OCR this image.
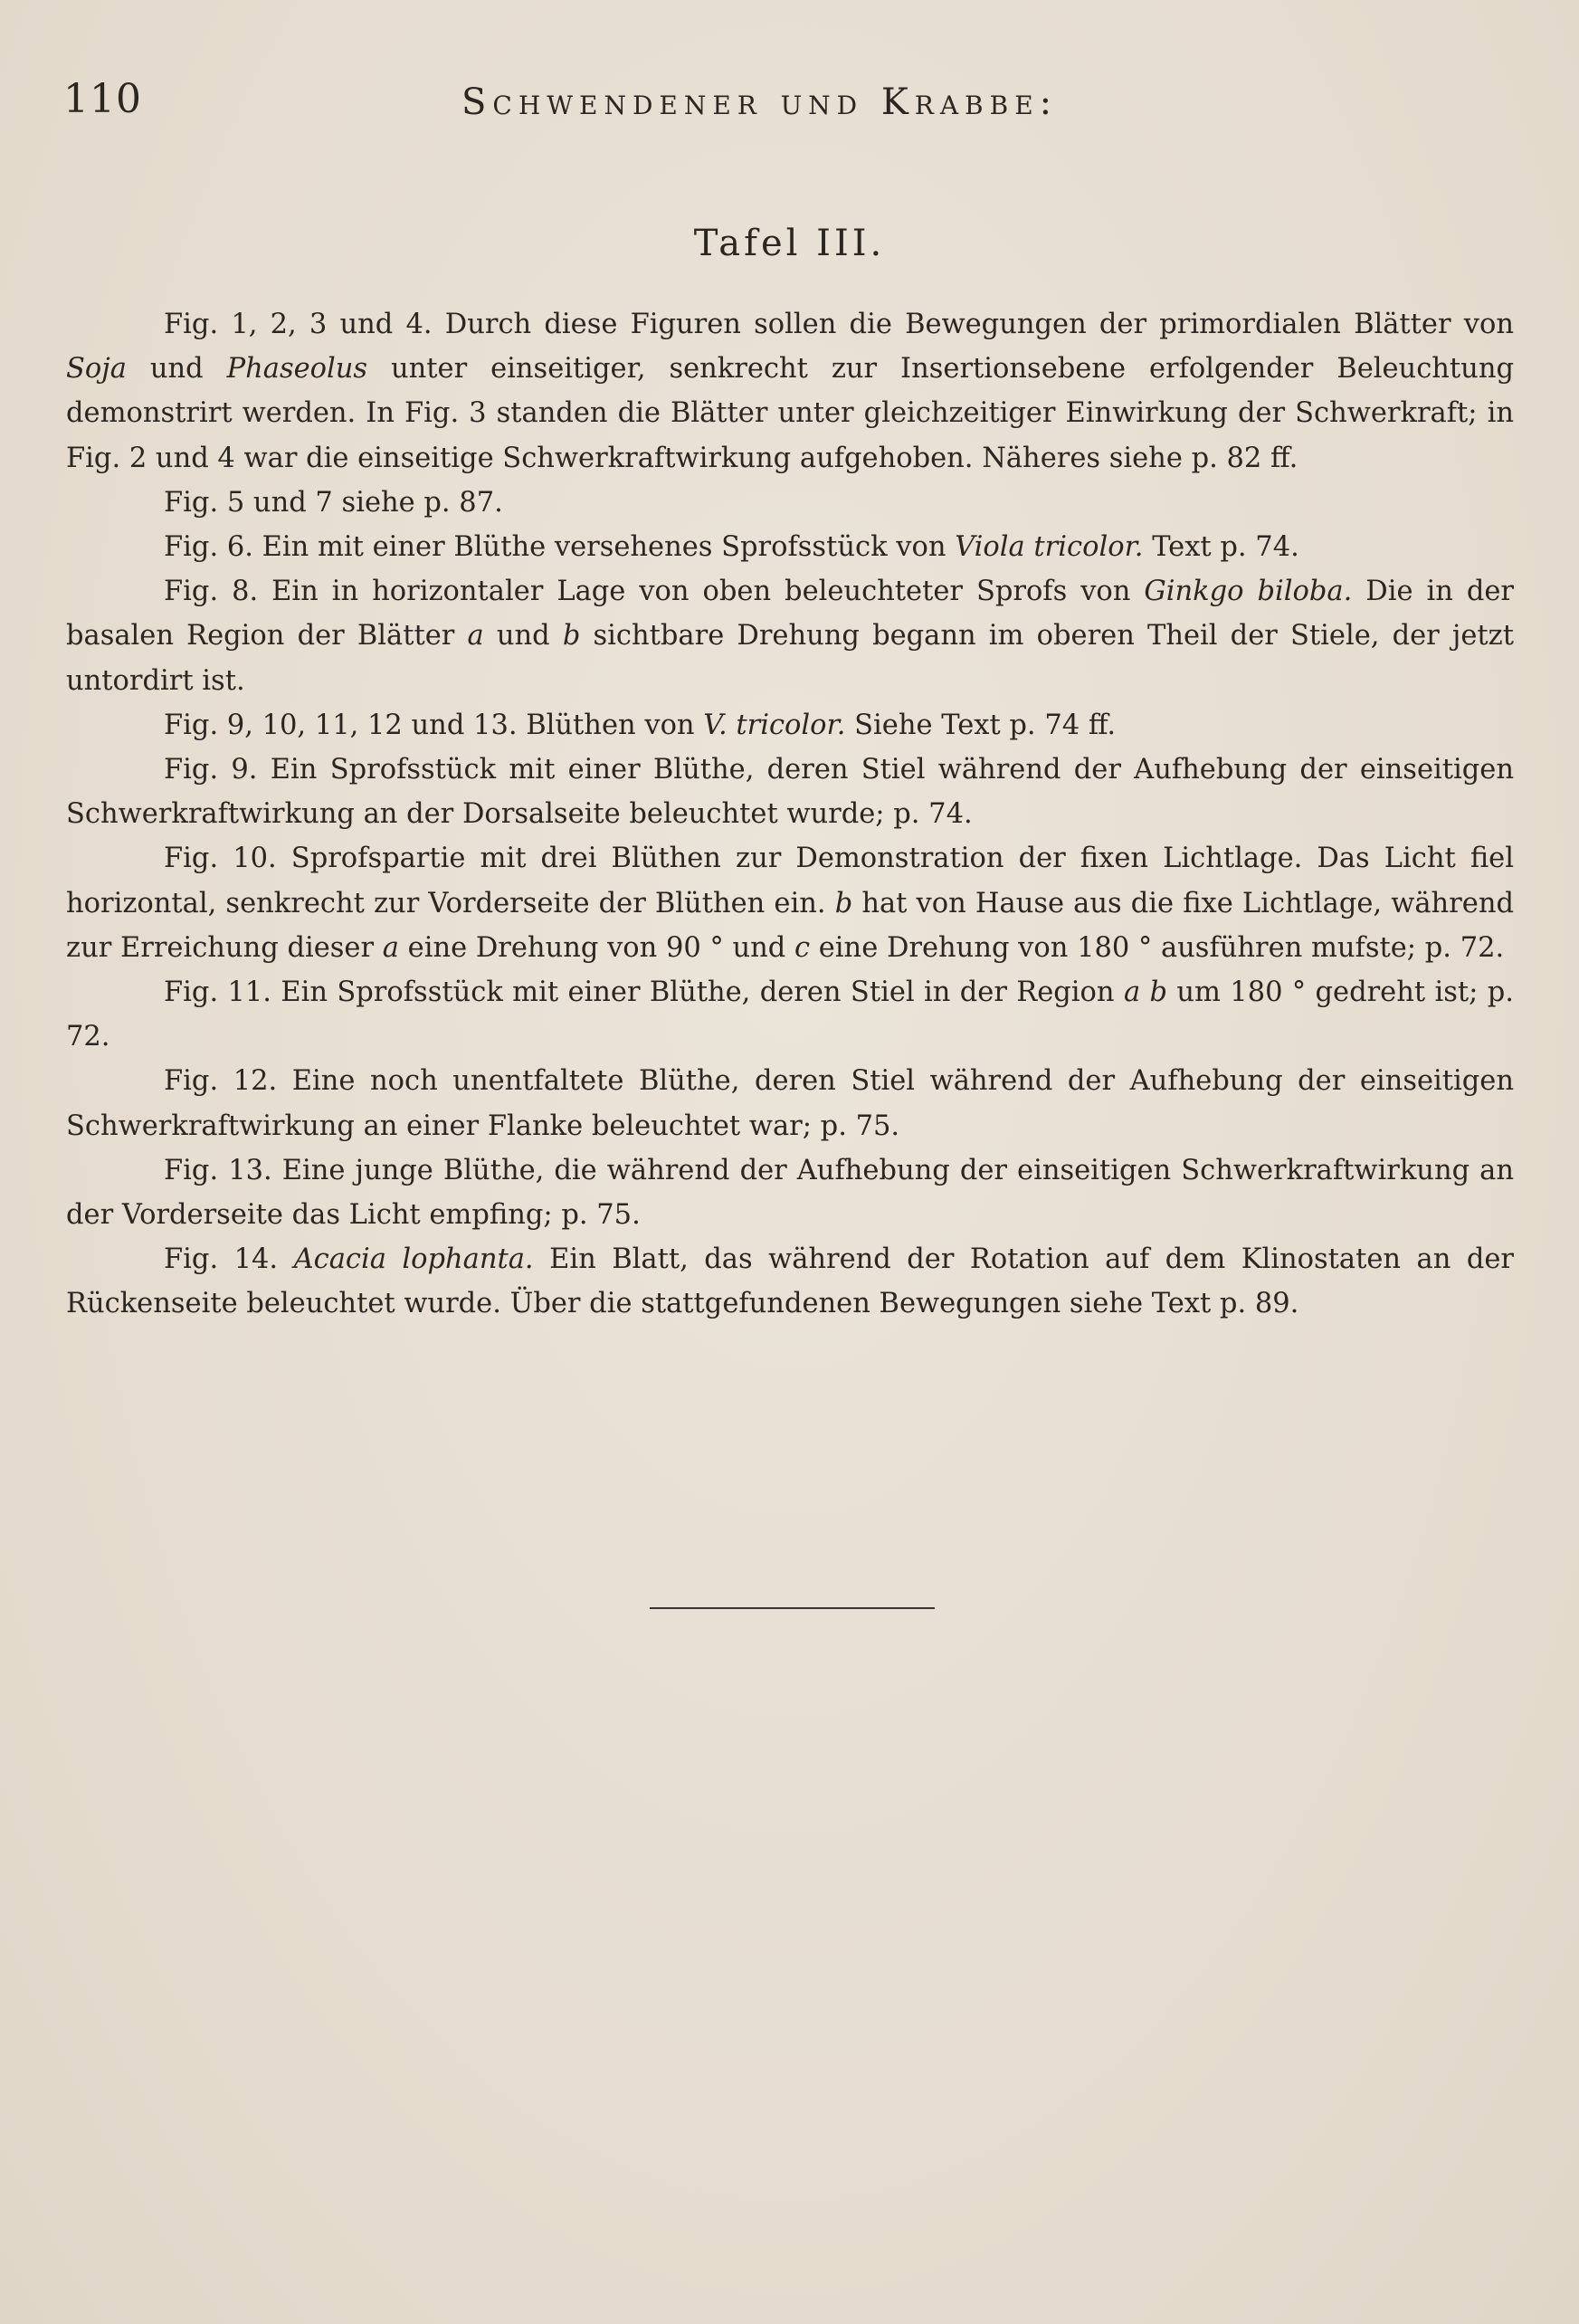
110	Schwendener und Krabbe:
Tafel III.

Fig. 1, 2, 3 und 4. Durch diese Figuren sollen die Bewegungen der primordialen Blätter von Soja und Phaseolus unter einseitiger, senkrecht zur Insertionsebene erfolgender Beleuchtung demonstrirt werden. In Fig. 3 standen die Blätter unter gleichzeitiger Einwirkung der Schwerkraft; in Fig. 2 und 4 war die einseitige Schwerkraftwirkung aufgehoben. Näheres siehe p. 82 ff.

Fig. 5 und 7 siehe p. 87.

Fig. 6. Ein mit einer Blüthe versehenes Sprofsstück von Viola tricolor. Text p. 74.

Fig. 8. Ein in horizontaler Lage von oben beleuchteter Sprofs von Ginkgo biloba. Die in der basalen Region der Blätter a und b sichtbare Drehung begann im oberen Theil der Stiele, der jetzt untordirt ist.

Fig. 9, 10, 11, 12 und 13. Blüthen von V. tricolor. Siehe Text p. 74 ff.

Fig. 9. Ein Sprofsstück mit einer Blüthe, deren Stiel während der Aufhebung der einseitigen Schwerkraftwirkung an der Dorsalseite beleuchtet wurde; p. 74.

Fig. 10. Sprofspartie mit drei Blüthen zur Demonstration der fixen Lichtlage. Das Licht fiel horizontal, senkrecht zur Vorderseite der Blüthen ein. b hat von Hause aus die fixe Lichtlage, während zur Erreichung dieser a eine Drehung von 90 ° und c eine Drehung von 180 ° ausführen mufste; p. 72.

Fig. 11. Ein Sprofsstück mit einer Blüthe, deren Stiel in der Region a b um 180 ° gedreht ist; p. 72.

Fig. 12. Eine noch unentfaltete Blüthe, deren Stiel während der Aufhebung der einseitigen Schwerkraftwirkung an einer Flanke beleuchtet war; p. 75.

Fig. 13. Eine junge Blüthe, die während der Aufhebung der einseitigen Schwerkraftwirkung an der Vorderseite das Licht empfing; p. 75.

Fig. 14. Acacia lophanta. Ein Blatt, das während der Rotation auf dem Klinostaten an der Rückenseite beleuchtet wurde. Über die stattgefundenen Bewegungen siehe Text p. 89.
